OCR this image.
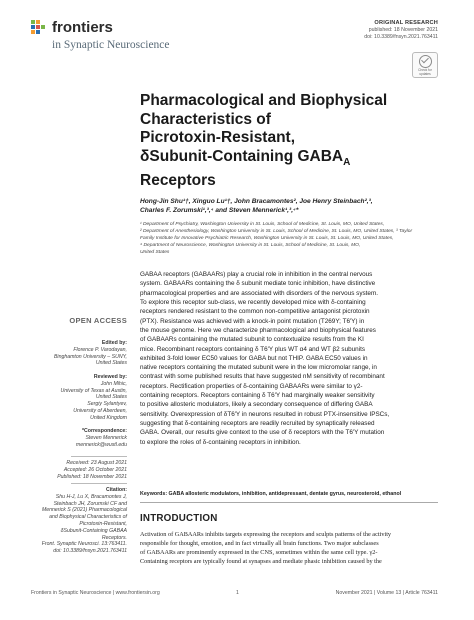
frontiers
in Synaptic Neuroscience
ORIGINAL RESEARCH
published: 18 November 2021
doi: 10.3389/fnsyn.2021.763411
Check for updates
Pharmacological and Biophysical
Characteristics of
Picrotoxin-Resistant,
δSubunit-Containing $GABA_A$
Receptors
Hong-Jin Shu¹†, Xinguo Lu¹†, John Bracamontes², Joe Henry Steinbach²,³,
Charles F. Zorumski¹,³,⁴ and Steven Mennerick¹,³,⁴*
¹ Department of Psychiatry, Washington University in St. Louis, School of Medicine, St. Louis, MO, United States,
² Department of Anesthesiology, Washington University in St. Louis, School of Medicine, St. Louis, MO, United States, ³ Taylor
Family Institute for Innovative Psychiatric Research, Washington University in St. Louis, St. Louis, MO, United States,
⁴ Department of Neuroscience, Washington University in St. Louis, School of Medicine, St. Louis, MO,
United States
OPEN ACCESS
Edited by:
Florence P. Varodayan,
Binghamton University – SUNY,
United States
Reviewed by:
John Mihic,
University of Texas at Austin,
United States
Sergiy Sylantyev,
University of Aberdeen,
United Kingdom
*Correspondence:
Steven Mennerick
mennerick@wustl.edu
Received: 23 August 2021
Accepted: 26 October 2021
Published: 18 November 2021
Citation:
Shu H-J, Lu X, Bracamontes J,
Steinbach JH, Zorumski CF and
Mennerick S (2021) Pharmacological
and Biophysical Characteristics of
Picrotoxin-Resistant,
δSubunit-Containing GABAA
Receptors.
Front. Synaptic Neurosci. 13:763411.
doi: 10.3389/fnsyn.2021.763411
GABAA receptors (GABAARs) play a crucial role in inhibition in the central nervous
system. GABAARs containing the δ subunit mediate tonic inhibition, have distinctive
pharmacological properties and are associated with disorders of the nervous system.
To explore this receptor sub-class, we recently developed mice with δ-containing
receptors rendered resistant to the common non-competitive antagonist picrotoxin
(PTX). Resistance was achieved with a knock-in point mutation (T269Y; T6'Y) in
the mouse genome. Here we characterize pharmacological and biophysical features
of GABAARs containing the mutated subunit to contextualize results from the KI
mice. Recombinant receptors containing δ T6'Y plus WT α4 and WT β2 subunits
exhibited 3-fold lower EC50 values for GABA but not THIP. GABA EC50 values in
native receptors containing the mutated subunit were in the low micromolar range, in
contrast with some published results that have suggested nM sensitivity of recombinant
receptors. Rectification properties of δ-containing GABAARs were similar to γ2-
containing receptors. Receptors containing δ T6'Y had marginally weaker sensitivity
to positive allosteric modulators, likely a secondary consequence of differing GABA
sensitivity. Overexpression of δT6'Y in neurons resulted in robust PTX-insensitive IPSCs,
suggesting that δ-containing receptors are readily recruited by synaptically released
GABA. Overall, our results give context to the use of δ receptors with the T6'Y mutation
to explore the roles of δ-containing receptors in inhibition.
Keywords: GABA allosteric modulators, inhibition, antidepressant, dentate gyrus, neurosteroid, ethanol
INTRODUCTION
Activation of GABAARs inhibits targets expressing the receptors and sculpts patterns of the activity
responsible for thought, emotion, and in fact virtually all brain functions. Two major subclasses
of GABAARs are prominently expressed in the CNS, sometimes within the same cell type. γ2-
Containing receptors are typically found at synapses and mediate phasic inhibition caused by the
Frontiers in Synaptic Neuroscience | www.frontiersin.org	1	November 2021 | Volume 13 | Article 763411
